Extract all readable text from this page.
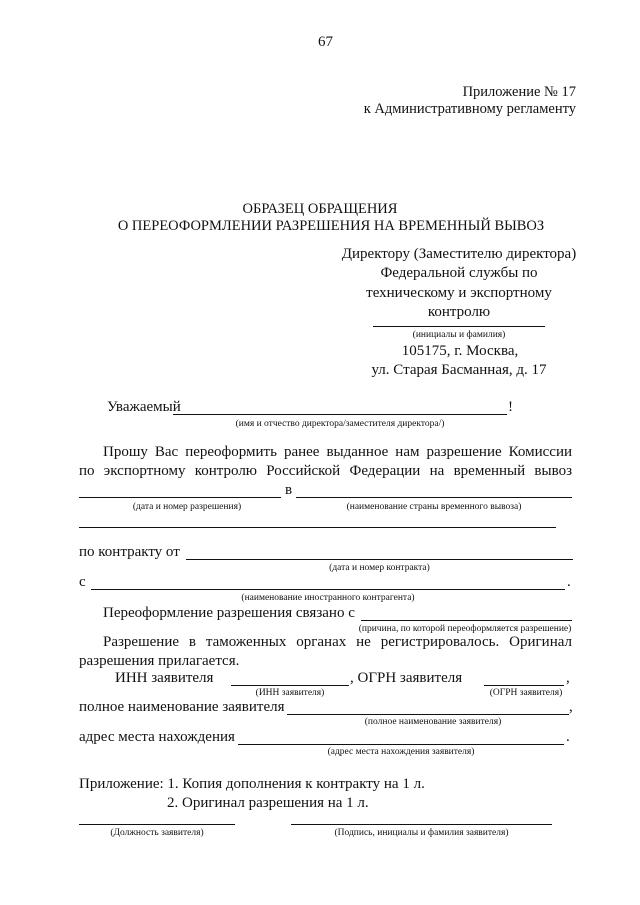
67
Приложение № 17
к Административному регламенту
ОБРАЗЕЦ ОБРАЩЕНИЯ
О ПЕРЕОФОРМЛЕНИИ РАЗРЕШЕНИЯ НА ВРЕМЕННЫЙ ВЫВОЗ
Директору (Заместителю директора)
Федеральной службы по
техническому и экспортному
контролю
(инициалы и фамилия)
105175, г. Москва,
ул. Старая Басманная, д. 17
Уважаемый	!
(имя и отчество директора/заместителя директора/)
Прошу Вас переоформить ранее выданное нам разрешение Комиссии
по экспортному контролю Российской Федерации на временный вывоз
в
(дата и номер разрешения)	(наименование страны временного вывоза)
по контракту от
(дата и номер контракта)
с	.
(наименование иностранного контрагента)
Переоформление разрешения связано с
(причина, по которой переоформляется разрешение)
Разрешение в таможенных органах не регистрировалось. Оригинал
разрешения прилагается.
ИНН заявителя	, ОГРН заявителя	,
(ИНН заявителя)	(ОГРН заявителя)
полное наименование заявителя	,
(полное наименование заявителя)
адрес места нахождения	.
(адрес места нахождения заявителя)
Приложение: 1. Копия дополнения к контракту на 1 л.
2. Оригинал разрешения на 1 л.
(Должность заявителя)	(Подпись, инициалы и фамилия заявителя)
